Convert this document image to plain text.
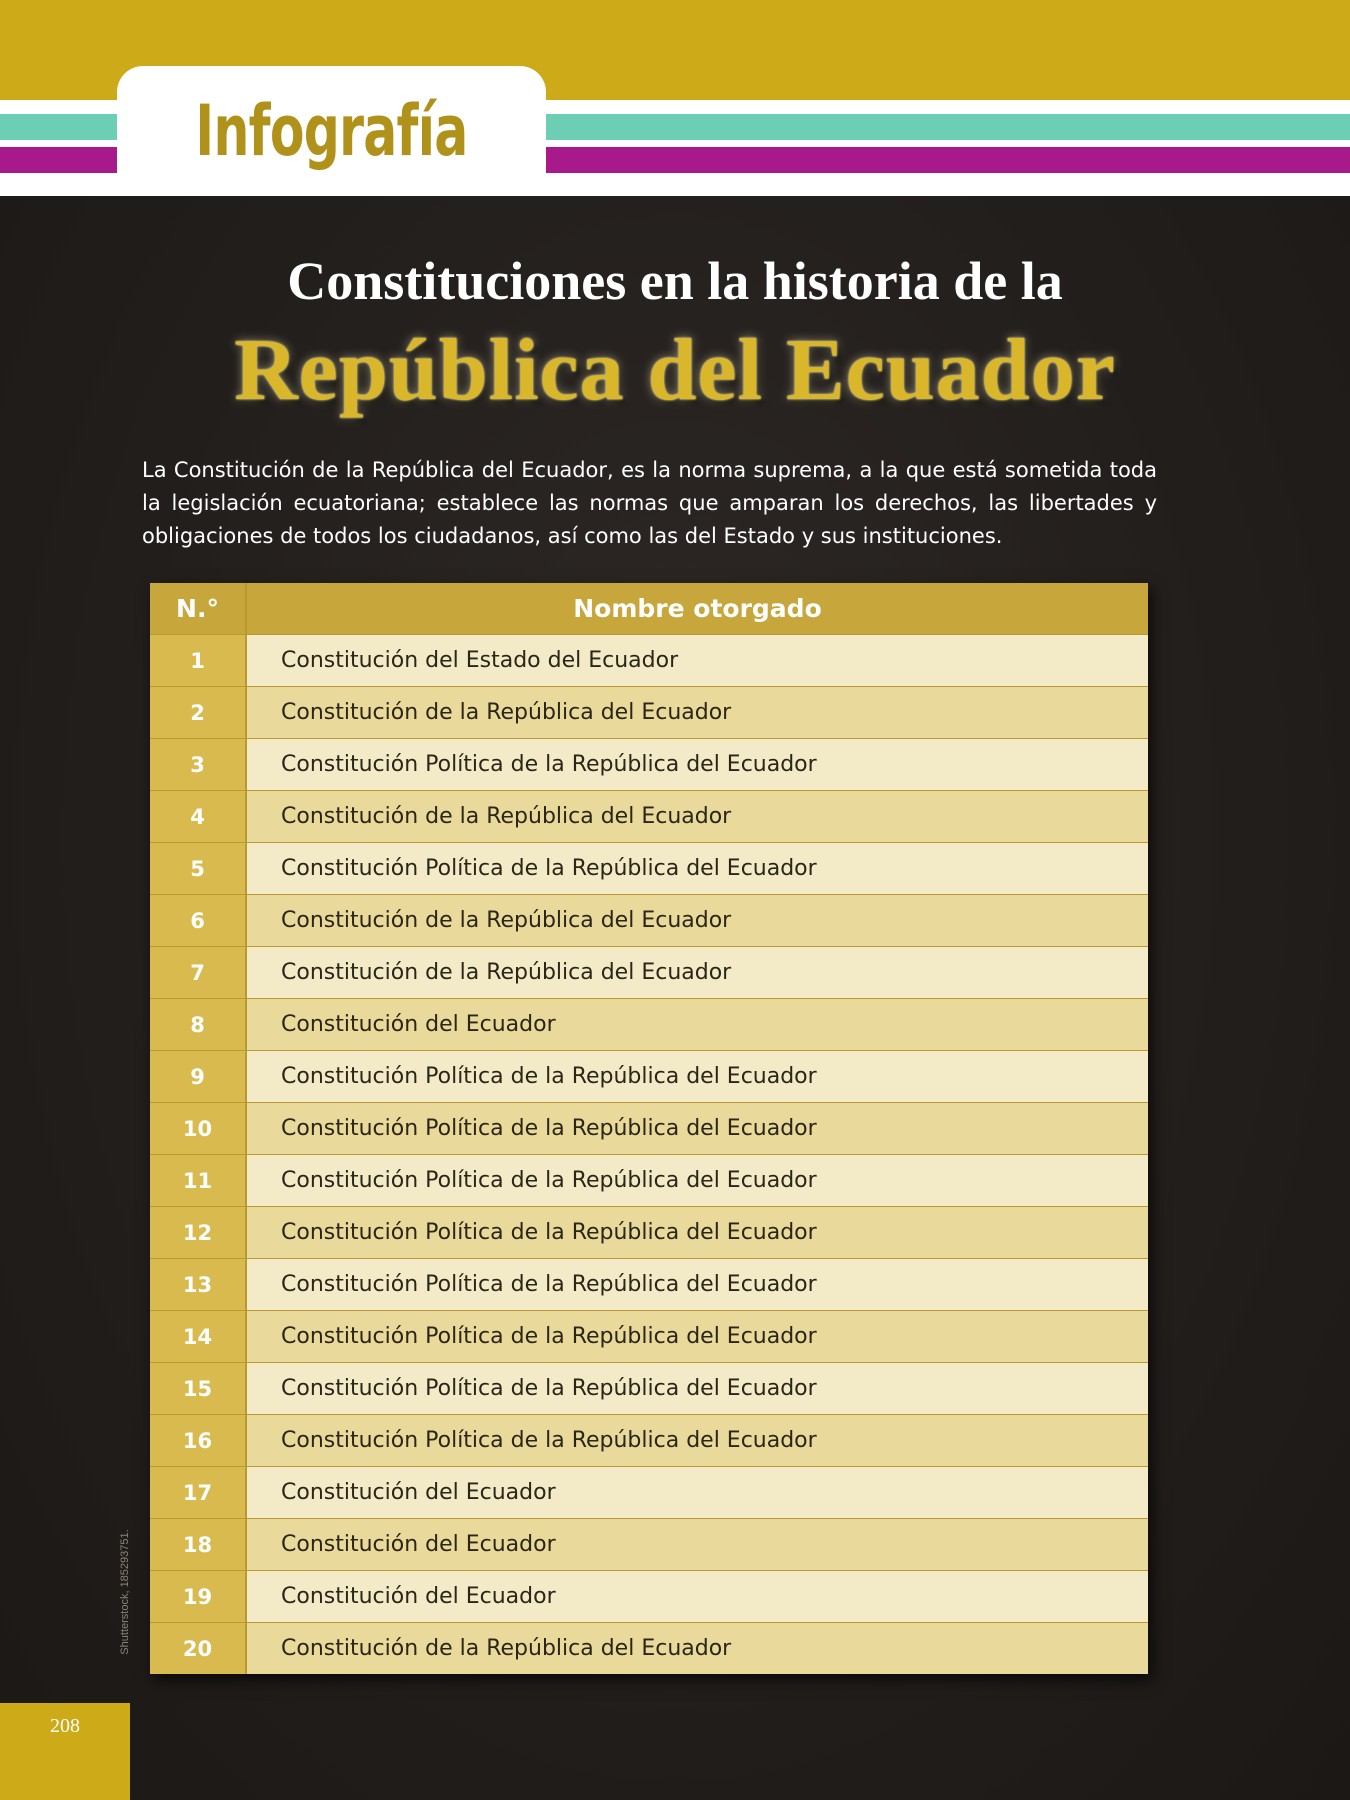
Infografía
Constituciones en la historia de la
República del Ecuador
La Constitución de la República del Ecuador, es la norma suprema, a la que está sometida toda la legislación ecuatoriana; establece las normas que amparan los derechos, las libertades y obligaciones de todos los ciudadanos, así como las del Estado y sus instituciones.
N.°	Nombre otorgado
1	Constitución del Estado del Ecuador
2	Constitución de la República del Ecuador
3	Constitución Política de la República del Ecuador
4	Constitución de la República del Ecuador
5	Constitución Política de la República del Ecuador
6	Constitución de la República del Ecuador
7	Constitución de la República del Ecuador
8	Constitución del Ecuador
9	Constitución Política de la República del Ecuador
10	Constitución Política de la República del Ecuador
11	Constitución Política de la República del Ecuador
12	Constitución Política de la República del Ecuador
13	Constitución Política de la República del Ecuador
14	Constitución Política de la República del Ecuador
15	Constitución Política de la República del Ecuador
16	Constitución Política de la República del Ecuador
17	Constitución del Ecuador
18	Constitución del Ecuador
19	Constitución del Ecuador
20	Constitución de la República del Ecuador
Shutterstock, 185293751.
208
